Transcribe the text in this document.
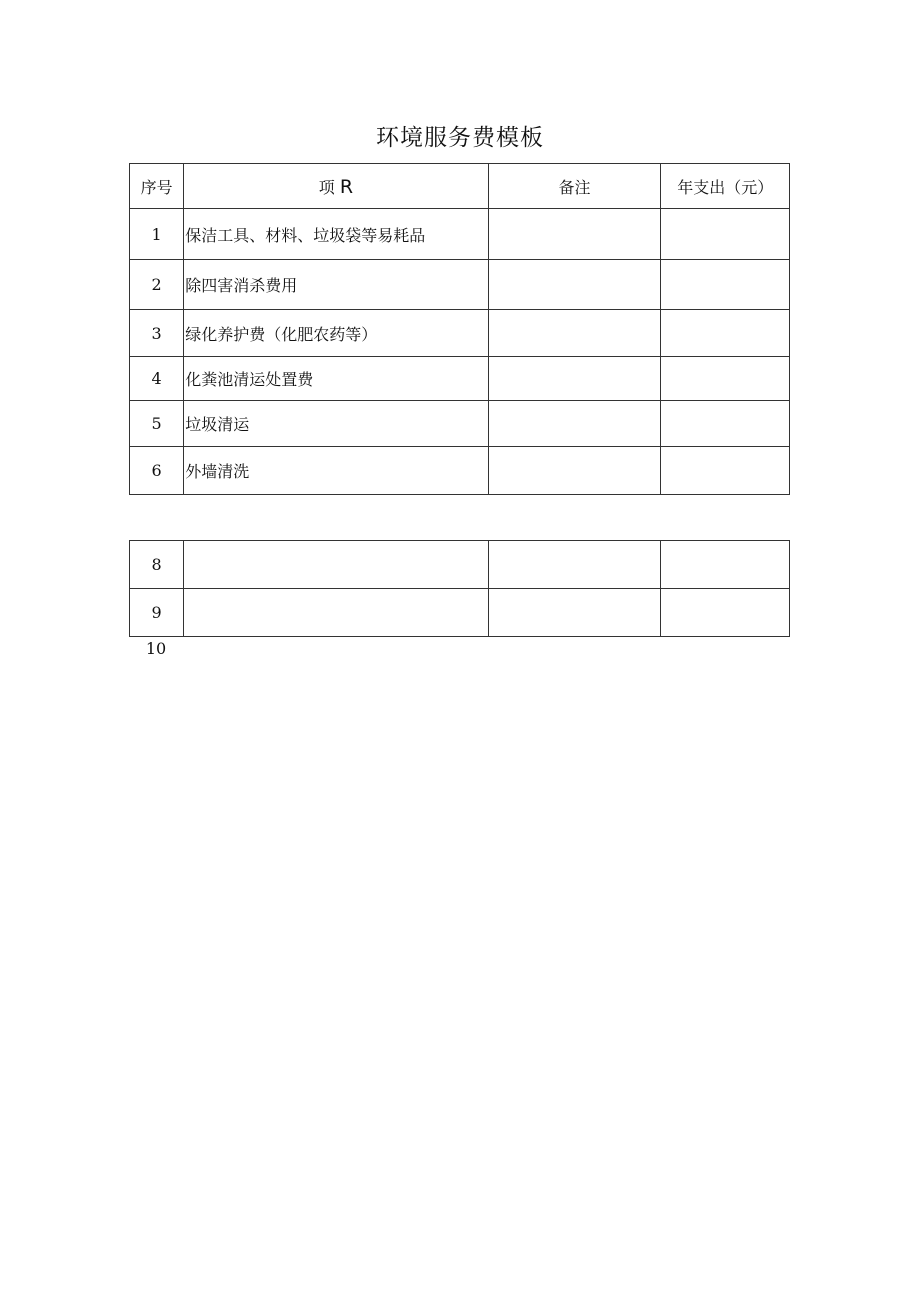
环境服务费模板
序号	项 R	备注	年支出（元）
1	保洁工具、材料、垃圾袋等易耗品		
2	除四害消杀费用		
3	绿化养护费（化肥农药等）		
4	化粪池清运处置费		
5	垃圾清运		
6	外墙清洗		
8			
9			
10
